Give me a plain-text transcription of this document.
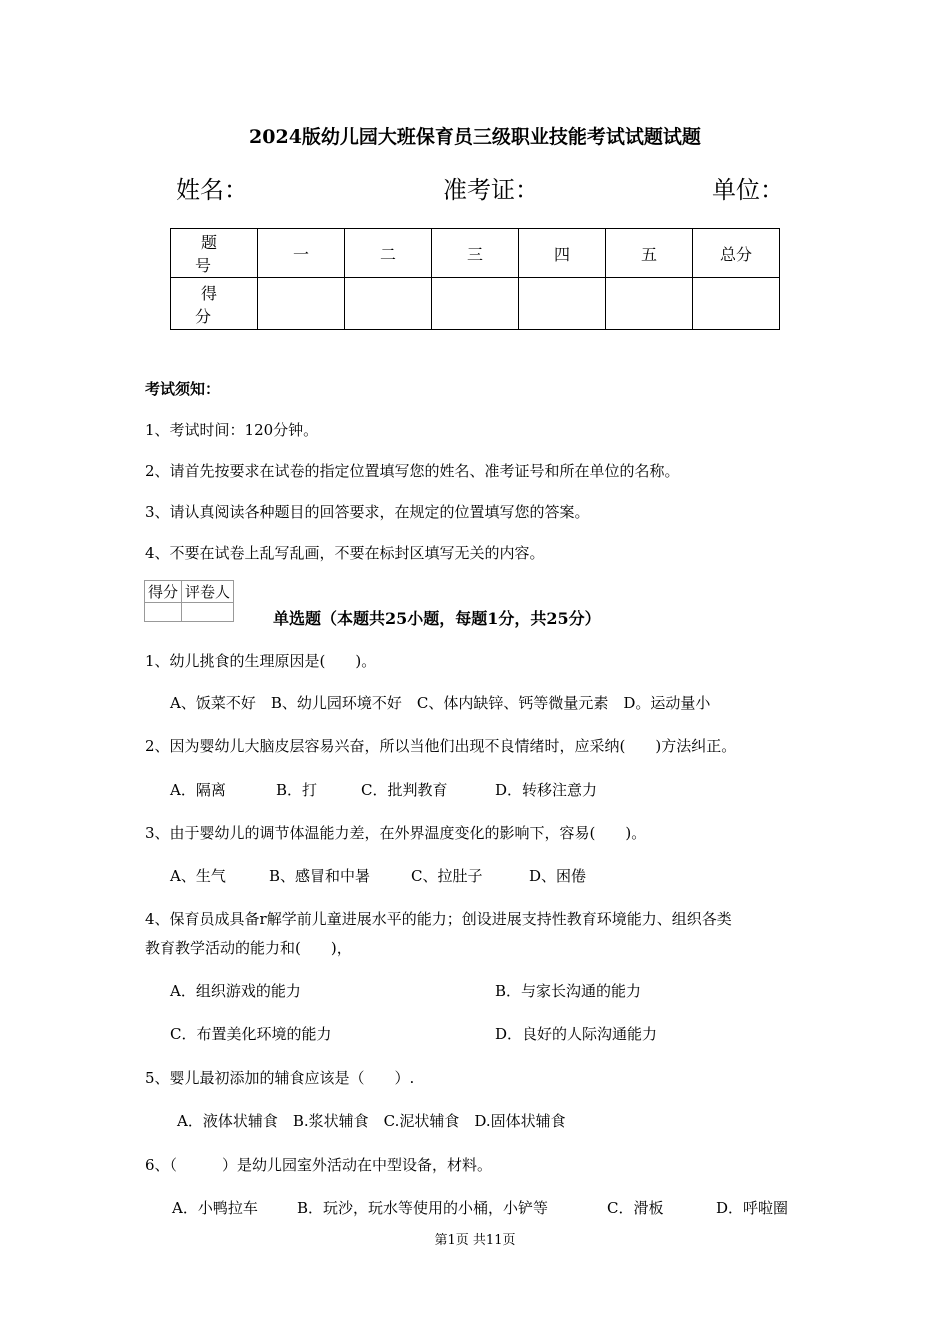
2024版幼儿园大班保育员三级职业技能考试试题试题
姓名：	准考证：	单位：
题 号	一	二	三	四	五	总分
得 分						
考试须知：
1、考试时间：120分钟。
2、请首先按要求在试卷的指定位置填写您的姓名、准考证号和所在单位的名称。
3、请认真阅读各种题目的回答要求，在规定的位置填写您的答案。
4、不要在试卷上乱写乱画，不要在标封区填写无关的内容。
得分	评卷人

单选题（本题共25小题，每题1分，共25分）
1、幼儿挑食的生理原因是(　　)。
A、饭菜不好　B、幼儿园环境不好　C、体内缺锌、钙等微量元素　D。运动量小
2、因为婴幼儿大脑皮层容易兴奋，所以当他们出现不良情绪时，应采纳(　　)方法纠正。
A．隔离	B．打	C．批判教育	D．转移注意力
3、由于婴幼儿的调节体温能力差，在外界温度变化的影响下，容易(　　)。
A、生气	B、感冒和中暑	C、拉肚子	D、困倦
4、保育员成具备r解学前儿童进展水平的能力；创设进展支持性教育环境能力、组织各类
教育教学活动的能力和(　　)，
A．组织游戏的能力	B．与家长沟通的能力
C．布置美化环境的能力	D．良好的人际沟通能力
5、婴儿最初添加的辅食应该是（　　）.
A．液体状辅食　B.浆状辅食　C.泥状辅食　D.固体状辅食
6、（　　　）是幼儿园室外活动在中型设备，材料。
A．小鸭拉车	B．玩沙，玩水等使用的小桶，小铲等	C．滑板	D．呼啦圈
第1页 共11页
